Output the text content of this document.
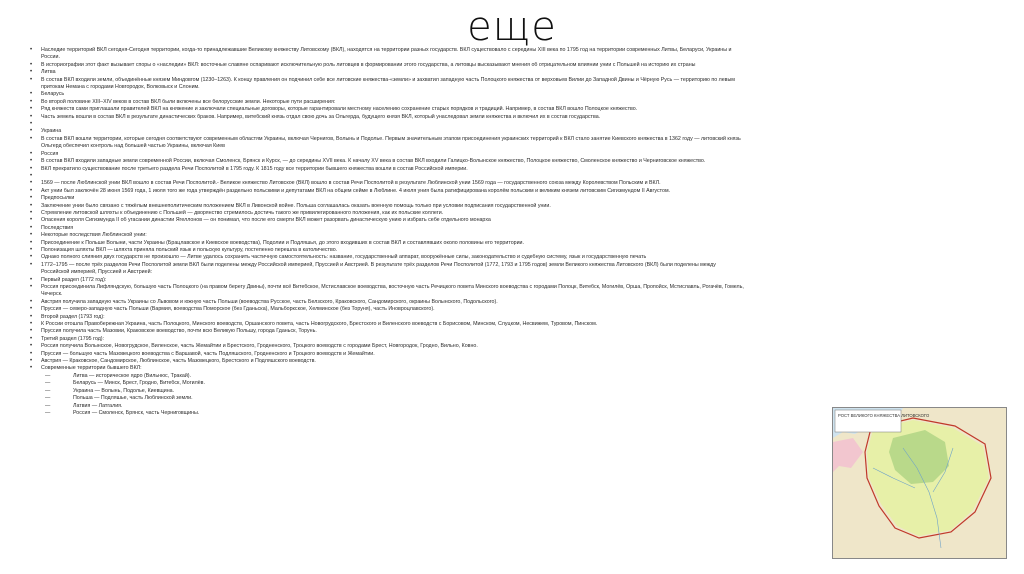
еще
•	Наследие территорий ВКЛ сегодня-Сегодня территории, когда-то принадлежавшие Великому княжеству Литовскому (ВКЛ), находятся на территории разных государств. ВКЛ существовало с середины XIII века по 1795 год на территории современных Литвы, Беларуси, Украины и
России.
•	В историографии этот факт вызывает споры о «наследии» ВКЛ: восточные славяне оспаривают исключительную роль литовцев в формировании этого государства, а литовцы высказывают мнения об отрицательном влиянии унии с Польшей на историю их страны
•	Литва
•	В состав ВКЛ входили земли, объединённые князем Миндовгом (1230–1263). К концу правления он подчинил себе все литовские княжества-«земли» и захватил западную часть Полоцкого княжества от верховьев Вилии до Западной Двины и Чёрную Русь — территорию по левым
притокам Немана с городами Новгородок, Волковыск и Слоним.
•	Беларусь
•	Во второй половине XIII–XIV веков в состав ВКЛ были включены все белорусские земли. Некоторые пути расширения:
•	Ряд княжеств сами приглашали правителей ВКЛ на княжение и заключали специальные договоры, которые гарантировали местному населению сохранение старых порядков и традиций. Например, в состав ВКЛ вошло Полоцкое княжество.
•	Часть земель вошли в состав ВКЛ в результате династических браков. Например, витебский князь отдал свою дочь за Ольгерда, будущего князя ВКЛ, который унаследовал земли княжества и включил их в состав государства.
•
•	Украина
•	В состав ВКЛ вошли территории, которые сегодня соответствуют современным областям Украины, включая Чернигов, Волынь и Подолье. Первым значительным этапом присоединения украинских территорий к ВКЛ стало занятие Киевского княжества в 1362 году — литовский князь
Ольгерд обеспечил контроль над большей частью Украины, включая Киев
•	Россия
•	В состав ВКЛ входили западные земли современной России, включая Смоленск, Брянск и Курск, — до середины XVII века. К началу XV века в состав ВКЛ входили Галицко-Волынское княжество, Полоцкое княжество, Смоленское княжество и Черниговское княжество.
•	ВКЛ прекратило существование после третьего раздела Речи Посполитой в 1795 году. К 1815 году все территории бывшего княжества вошли в состав Российской империи.
•
•	1569 — после Люблинской унии ВКЛ вошло в состав Речи Посполитой.- Великое княжество Литовское (ВКЛ) вошло в состав Речи Посполитой в результате Люблинской унии 1569 года — государственного союза между Королевством Польским и ВКЛ.
•	Акт унии был заключён 28 июня 1569 года, 1 июля того же года утверждён раздельно польскими и депутатами ВКЛ на общем сейме в Люблине. 4 июля уния была ратифицирована королём польским и великим князем литовским Сигизмундом II Августом.
•	Предпосылки
•	Заключение унии было связано с тяжёлым внешнеполитическим положением ВКЛ в Ливонской войне. Польша соглашалась оказать военную помощь только при условии подписания государственной унии.
•	Стремление литовской шляхты к объединению с Польшей — дворянство стремилось достичь такого же привилегированного положения, как их польские коллеги.
•	Опасения короля Сигизмунда II об угасании династии Ягеллонов — он понимал, что после его смерти ВКЛ может разорвать династическую унию и избрать себе отдельного монарха
•	Последствия
•	Некоторые последствия Люблинской унии:
•	Присоединение к Польше Волыни, части Украины (Брацлавское и Киевское воеводства), Подолии и Подляшья, до этого входивших в состав ВКЛ и составлявших около половины его территории.
•	Полонизация шляхты ВКЛ — шляхта приняла польский язык и польскую культуру, постепенно перешла в католичество.
•	Однако полного слияния двух государств не произошло — Литве удалось сохранить частичную самостоятельность: название, государственный аппарат, вооружённые силы, законодательство и судебную систему, язык и государственную печать
•	1772–1795 — после трёх разделов Речи Посполитой земли ВКЛ были поделены между Российской империей, Пруссией и Австрией. В результате трёх разделов Речи Посполитой (1772, 1793 и 1795 годов) земли Великого княжества Литовского (ВКЛ) были поделены между
Российской империей, Пруссией и Австрией:
•	Первый раздел (1772 год):
•	Россия присоединила Лифляндскую, большую часть Полоцкого (на правом берегу Двины), почти всё Витебское, Мстиславское воеводства, восточную часть Речицкого повета Минского воеводства с городами Полоцк, Витебск, Могилёв, Орша, Пропойск, Мстиславль, Рогачёв, Гомель,
Чечерск.
•	Австрия получила западную часть Украины со Львовом и южную часть Польши (воеводства Русское, часть Белзского, Краковского, Сандомирского, окраины Волынского, Подольского).
•	Пруссия — северо-западную часть Польши (Вармия, воеводства Поморское (без Гданьска), Мальборкское, Хелминское (без Торуня), часть Иновроцлавского).
•	Второй раздел (1793 год):
•	К России отошла Правобережная Украина, часть Полоцкого, Минского воеводств, Оршанского повета, часть Новогрудского, Брестского и Виленского воеводств с Борисовом, Минском, Слуцком, Несвижем, Туровом, Пинском.
•	Пруссия получила часть Мазовии, Краковское воеводство, почти всю Великую Польшу, города Гданьск, Торунь.
•	Третий раздел (1795 год):
•	Россия получила Волынское, Новогрудское, Виленское, часть Жемайтии и Брестского, Гродненского, Троцкого воеводств с городами Брест, Новгородок, Гродно, Вильно, Ковно.
•	Пруссия — большую часть Мазовецкого воеводства с Варшавой, часть Подляшского, Гродненского и Троцкого воеводств и Жемайтии.
•	Австрия — Краковское, Сандомирское, Люблинское, часть Мазовецкого, Брестского и Подляшского воеводств.
•	Современные территории бывшего ВКЛ:
—	Литва — историческое ядро (Вильнюс, Тракай).
—	Беларусь — Минск, Брест, Гродно, Витебск, Могилёв.
—	Украина — Волынь, Подолье, Киевщина.
—	Польша — Подляшье, часть Люблинской земли.
—	Латвия — Латгалия.
—	Россия — Смоленск, Брянск, часть Черниговщины.	РОСТ ВЕЛИКОГО КНЯЖЕСТВА ЛИТОВСКОГО
